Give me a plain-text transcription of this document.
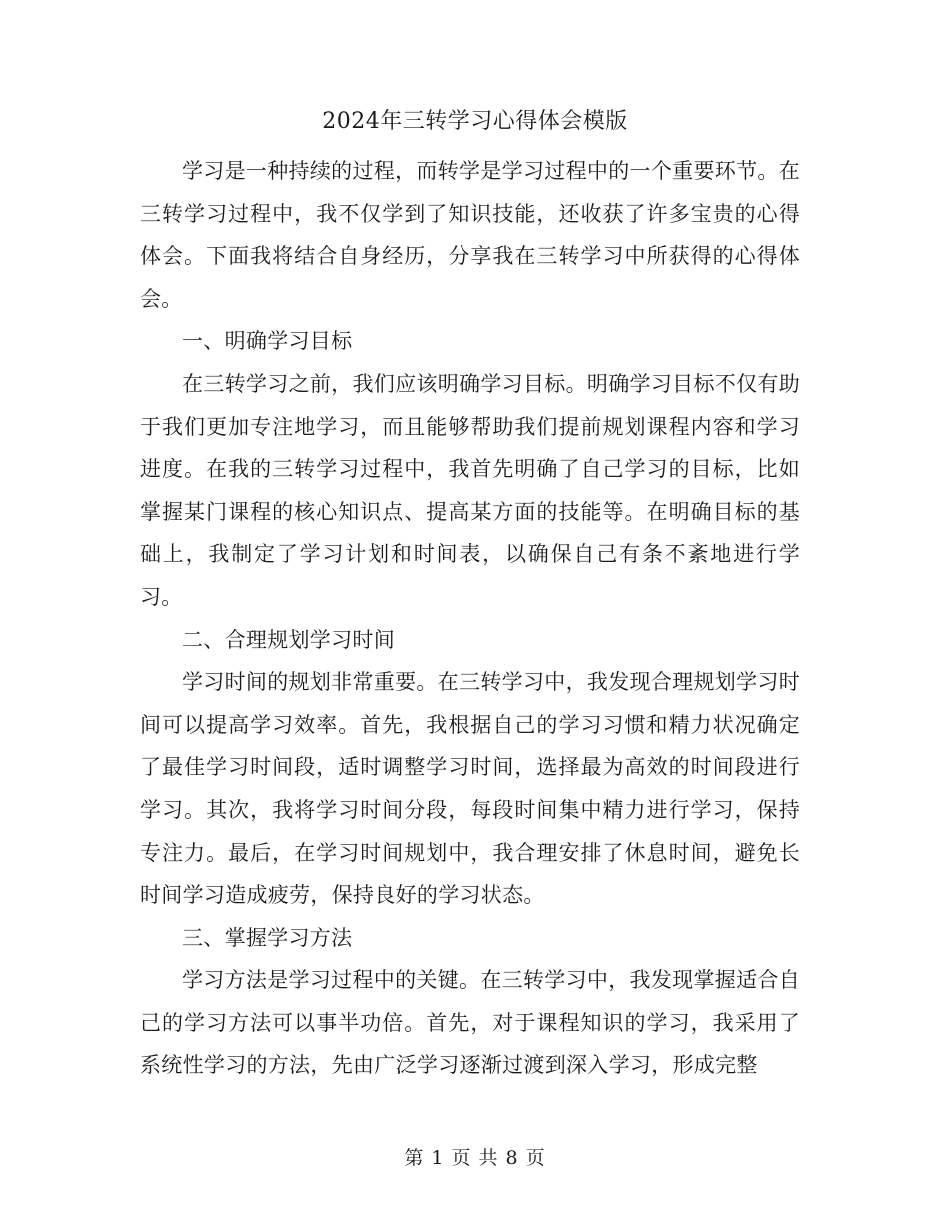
2024年三转学习心得体会模版

学习是一种持续的过程，而转学是学习过程中的一个重要环节。在三转学习过程中，我不仅学到了知识技能，还收获了许多宝贵的心得体会。下面我将结合自身经历，分享我在三转学习中所获得的心得体会。

一、明确学习目标

在三转学习之前，我们应该明确学习目标。明确学习目标不仅有助于我们更加专注地学习，而且能够帮助我们提前规划课程内容和学习进度。在我的三转学习过程中，我首先明确了自己学习的目标，比如掌握某门课程的核心知识点、提高某方面的技能等。在明确目标的基础上，我制定了学习计划和时间表，以确保自己有条不紊地进行学习。

二、合理规划学习时间

学习时间的规划非常重要。在三转学习中，我发现合理规划学习时间可以提高学习效率。首先，我根据自己的学习习惯和精力状况确定了最佳学习时间段，适时调整学习时间，选择最为高效的时间段进行学习。其次，我将学习时间分段，每段时间集中精力进行学习，保持专注力。最后，在学习时间规划中，我合理安排了休息时间，避免长时间学习造成疲劳，保持良好的学习状态。

三、掌握学习方法

学习方法是学习过程中的关键。在三转学习中，我发现掌握适合自己的学习方法可以事半功倍。首先，对于课程知识的学习，我采用了系统性学习的方法，先由广泛学习逐渐过渡到深入学习，形成完整

第 1 页 共 8 页
